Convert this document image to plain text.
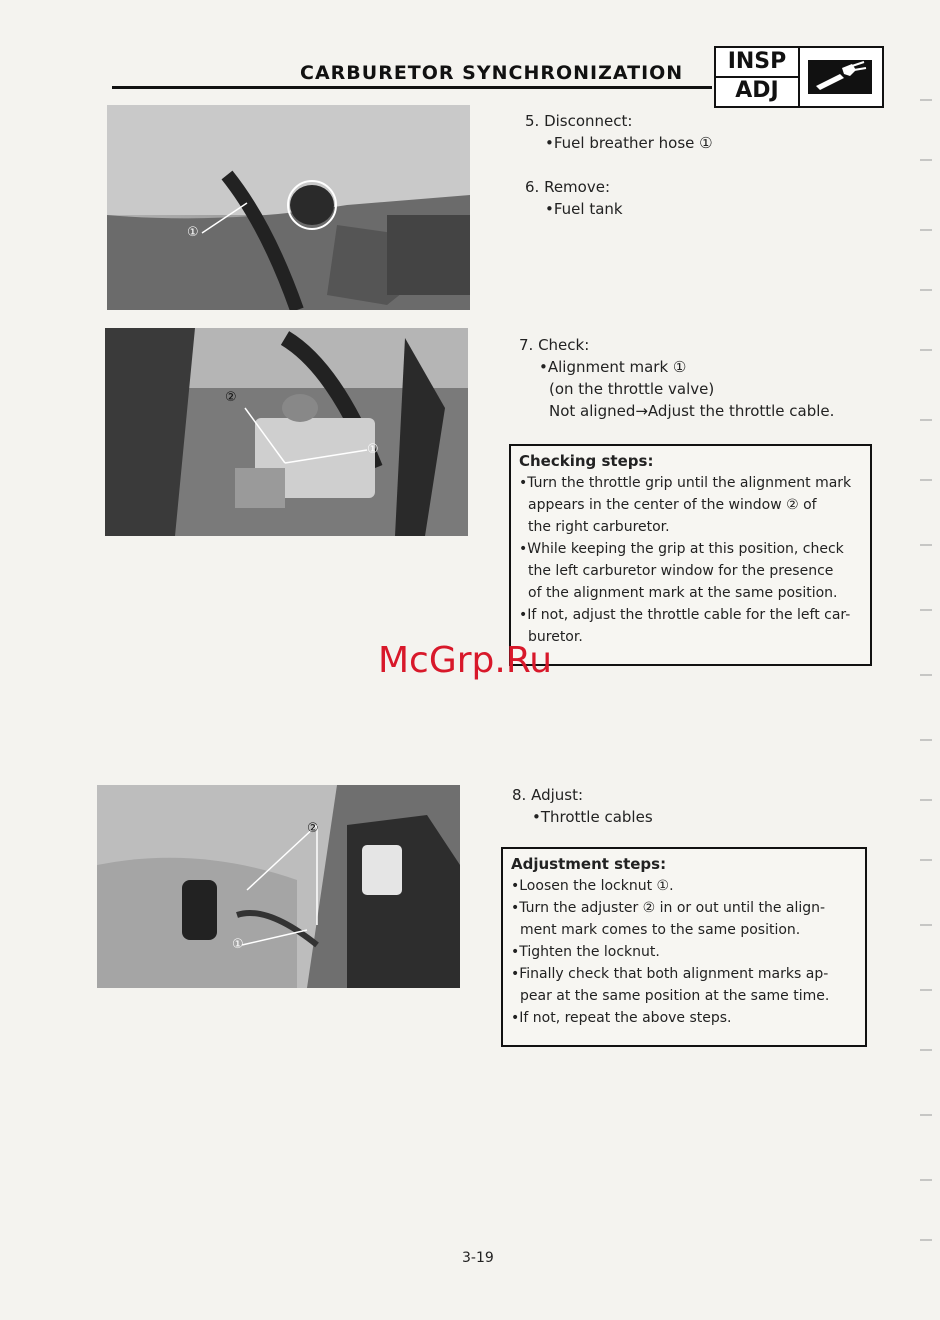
CARBURETOR SYNCHRONIZATION	INSP
ADJ
①
②
①
②
①
5. Disconnect:
•Fuel breather hose ①
6. Remove:
•Fuel tank
7. Check:
•Alignment mark ①
(on the throttle valve)
Not aligned→Adjust the throttle cable.
Checking steps:
•Turn the throttle grip until the alignment mark
appears in the center of the window ② of
the right carburetor.
•While keeping the grip at this position, check
the left carburetor window for the presence
of the alignment mark at the same position.
•If not, adjust the throttle cable for the left car-
buretor.
McGrp.Ru
8. Adjust:
•Throttle cables
Adjustment steps:
•Loosen the locknut ①.
•Turn the adjuster ② in or out until the align-
ment mark comes to the same position.
•Tighten the locknut.
•Finally check that both alignment marks ap-
pear at the same position at the same time.
•If not, repeat the above steps.
3-19
